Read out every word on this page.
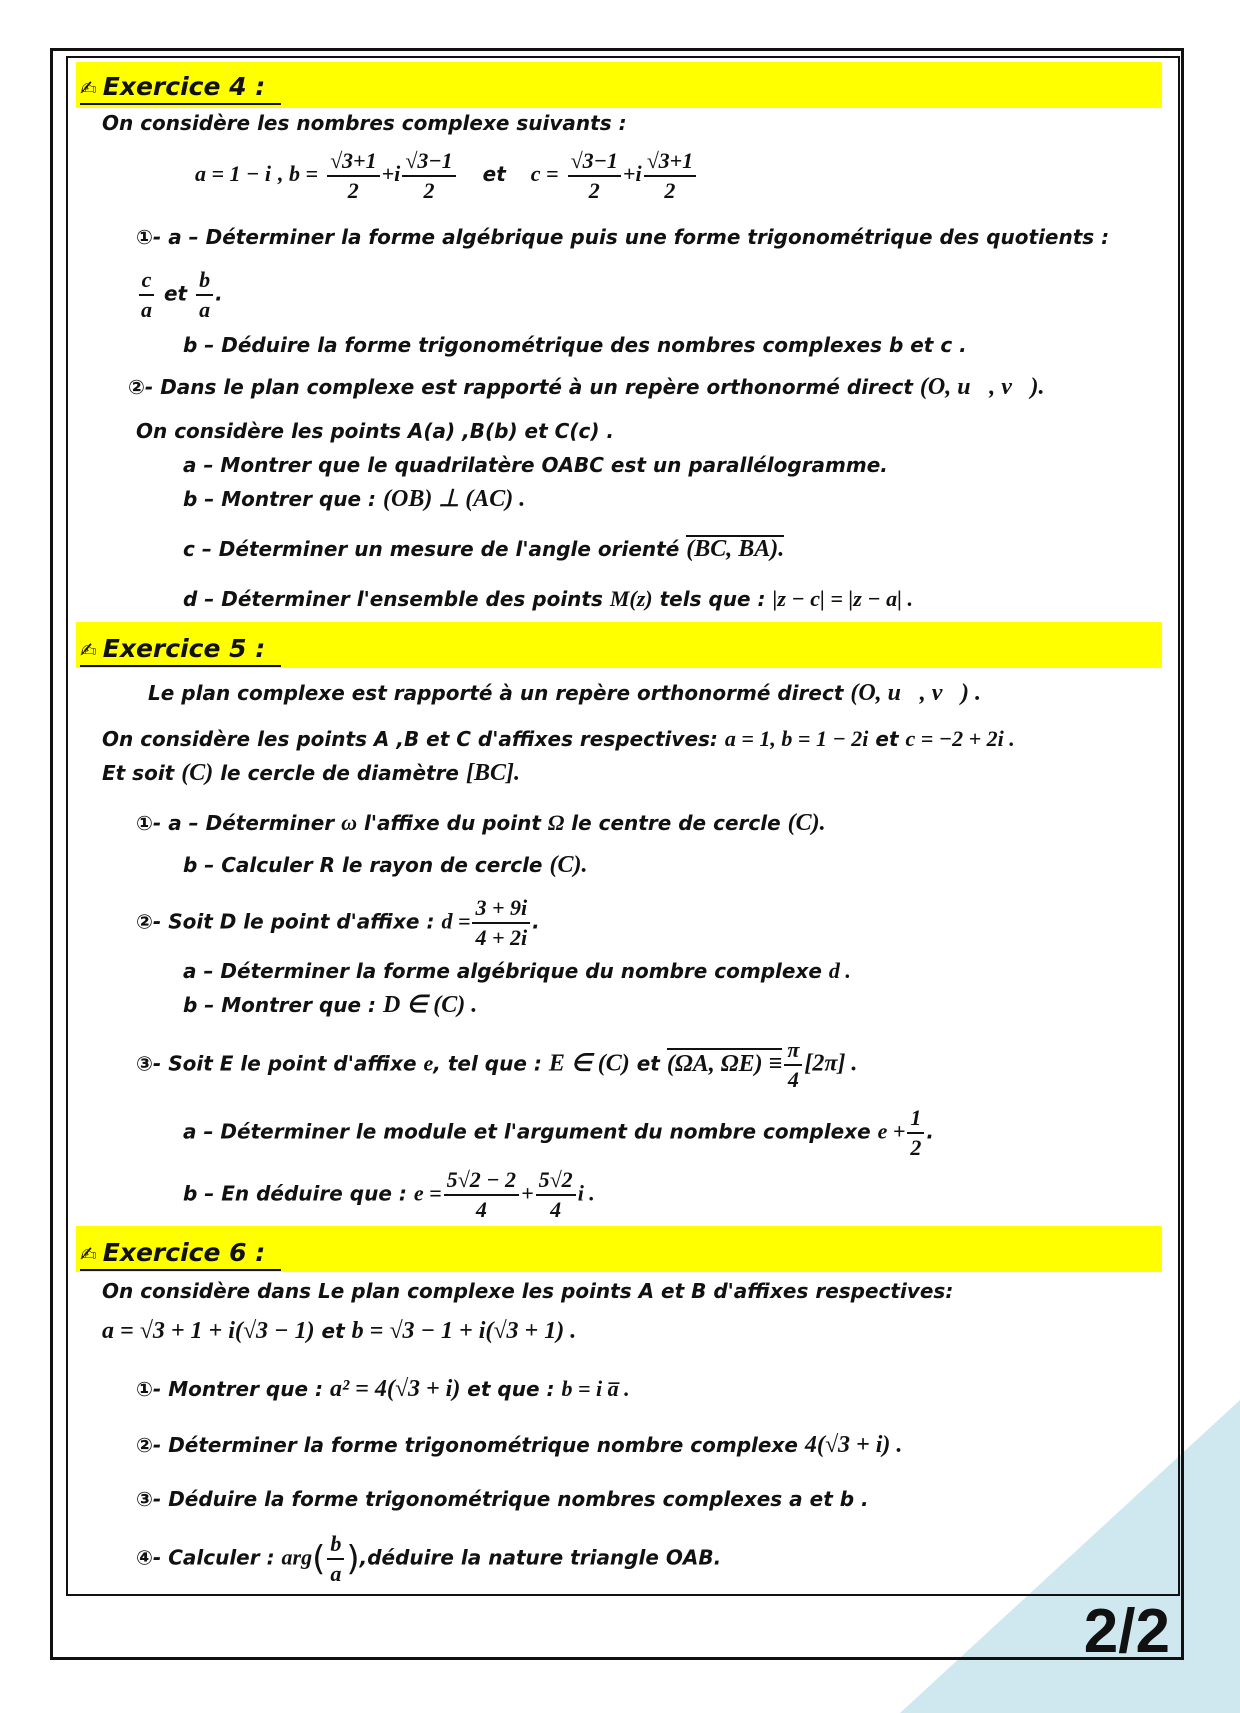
✍ Exercice 4 :
On considère les nombres complexe suivants :
a = 1 − i , $b = \frac{√3+1}{2} +i \frac{√3-1}{2}$ et $c = \frac{√3-1}{2} +i \frac{√3+1}{2}$
①- a – Déterminer la forme algébrique puis une forme trigonométrique des quotients :
$\frac{c}{a}$ et $\frac{b}{a}$ .
b – Déduire la forme trigonométrique des nombres complexes b et c .
②- Dans le plan complexe est rapporté à un repère orthonormé direct (O, u⃗, v⃗).
On considère les points A(a) ,B(b) et C(c) .
a – Montrer que le quadrilatère OABC est un parallélogramme.
b – Montrer que : (OB) ⊥ (AC) .
c – Déterminer un mesure de l'angle orienté (BC, BA).
d – Déterminer l'ensemble des points M(z) tels que : |z − c| = |z − a| .
✍ Exercice 5 :
Le plan complexe est rapporté à un repère orthonormé direct (O, u⃗, v⃗) .
On considère les points A ,B et C d'affixes respectives: a = 1, b = 1 − 2i et c = −2 + 2i .
Et soit (C) le cercle de diamètre [BC].
①- a – Déterminer ω l'affixe du point Ω le centre de cercle (C).
b – Calculer R le rayon de cercle (C).
②- Soit D le point d'affixe : $d = \frac{3 + 9i}{4 + 2i}$ .
a – Déterminer la forme algébrique du nombre complexe d .
b – Montrer que : D ∈ (C) .
③- Soit E le point d'affixe e, tel que : E ∈ (C) et (ΩA, $\Omega E) \equiv \frac{\pi}{4} [2\pi]$ .
a – Déterminer le module et l'argument du nombre complexe $e + \frac{1}{2}$ .
b – En déduire que : $e = \frac{5√2 - 2}{4} + \frac{5√2}{4}$ i .
✍ Exercice 6 :
On considère dans Le plan complexe les points A et B d'affixes respectives:
a = √3 + 1 + i(√3 − 1) et b = √3 − 1 + i(√3 + 1) .
①- Montrer que : a² = 4(√3 + i) et que : b = i a̅ .
②- Déterminer la forme trigonométrique nombre complexe 4(√3 + i) .
③- Déduire la forme trigonométrique nombres complexes a et b .
④- Calculer : $arg( \frac{b}{a}$ ),déduire la nature triangle OAB.
2/2
